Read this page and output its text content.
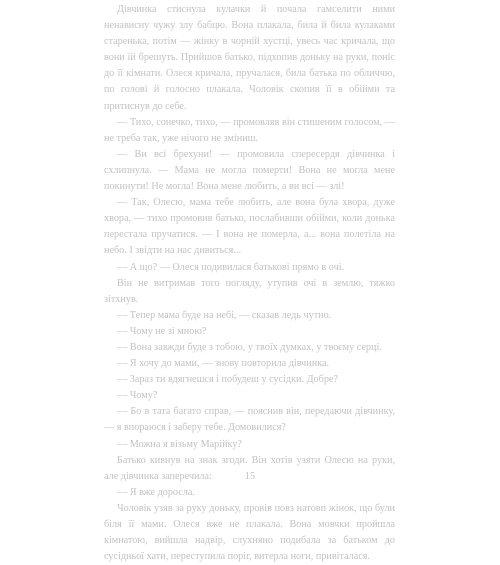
Дівчинка стиснула кулачки й почала гамселити ними ненависну чужу злу бабцю. Вона плакала, била й била кулаками старенька, потім — жінку в чорній хустці, увесь час кричала, що вони їй брешуть. Прийшов батько, підхопив доньку на руки, поніс до її кімнати. Олеся кричала, пручалася, била батька по обличчю, по голові й голосно плакала. Чоловік скопив її в обійми та притиснув до себе.

— Тихо, сонечко, тихо, — промовляв він стишеним голосом, — не треба так, уже нічого не зміниш.

— Ви всі брехуни! — промовила спересердя дівчинка і схлипнула. — Мама не могла померти! Вона не могла мене покинути! Не могла! Вона мене любить, а ви всі — злі!

— Так, Олесю, мама тебе любить, але вона була хвора, дуже хвора, — тихо промовив батько, послабивши обійми, коли донька перестала пручатися. — І вона не померла, а... вона полетіла на небо. І звідти на нас дивиться...

— А що? — Олеся подивилася батькові прямо в очі.

Він не витримав того погляду, утупив очі в землю, тяжко зітхнув.

— Тепер мама буде на небі, — сказав ледь чутно.

— Чому не зі мною?

— Вона завжди буде з тобою, у твоїх думках, у твоєму серці.

— Я хочу до мами, — знову повторила дівчинка.

— Зараз ти вдягнешся і побудеш у сусідки. Добре?

— Чому?

— Бо в тата багато справ, — пояснив він, передаючи дівчинку, — я впораюся і заберу тебе. Домовилися?

— Можна я візьму Марійку?

Батько кивнув на знак згоди. Він хотів узяти Олесю на руки, але дівчинка заперечила:

— Я вже доросла.

Чоловік узяв за руку доньку, провів повз натовп жінок, що були біля її мами. Олеся вже не плакала. Вона мовчки пройшла кімнатою, вийшла надвір, слухняно подибала за батьком до сусідньої хати, переступила поріг, витерла ноги, привіталася.

15
